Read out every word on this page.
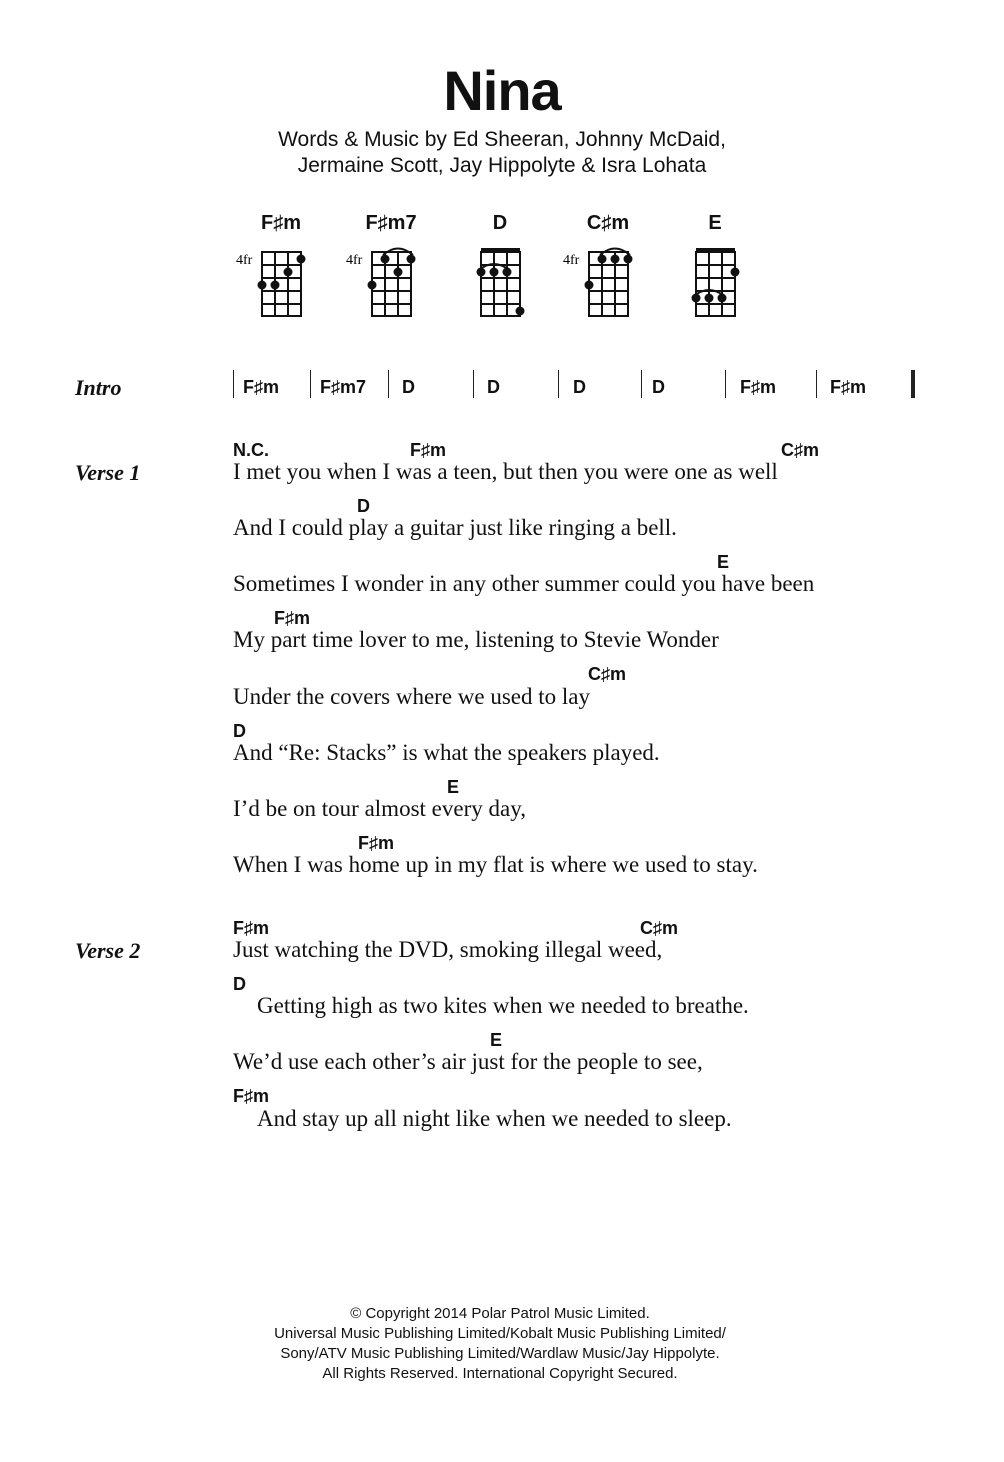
Nina
Words & Music by Ed Sheeran, Johnny McDaid,
Jermaine Scott, Jay Hippolyte & Isra Lohata
F♯m
4fr
F♯m7
4fr
D	C♯m
4fr
E
Intro	F♯m F♯m7 D	D	D	D	F♯m	F♯m
Verse 1
N.C.	F♯m	C♯m
I met you when I was a teen, but then you were one as well
D
And I could play a guitar just like ringing a bell.
E
Sometimes I wonder in any other summer could you have been
F♯m
My part time lover to me, listening to Stevie Wonder
C♯m
Under the covers where we used to lay
D
And “Re: Stacks” is what the speakers played.
E
I’d be on tour almost every day,
F♯m
When I was home up in my flat is where we used to stay.
Verse 2
F♯m	C♯m
Just watching the DVD, smoking illegal weed,
D
Getting high as two kites when we needed to breathe.
E
We’d use each other’s air just for the people to see,
F♯m
And stay up all night like when we needed to sleep.
© Copyright 2014 Polar Patrol Music Limited.
Universal Music Publishing Limited/Kobalt Music Publishing Limited/
Sony/ATV Music Publishing Limited/Wardlaw Music/Jay Hippolyte.
All Rights Reserved. International Copyright Secured.
